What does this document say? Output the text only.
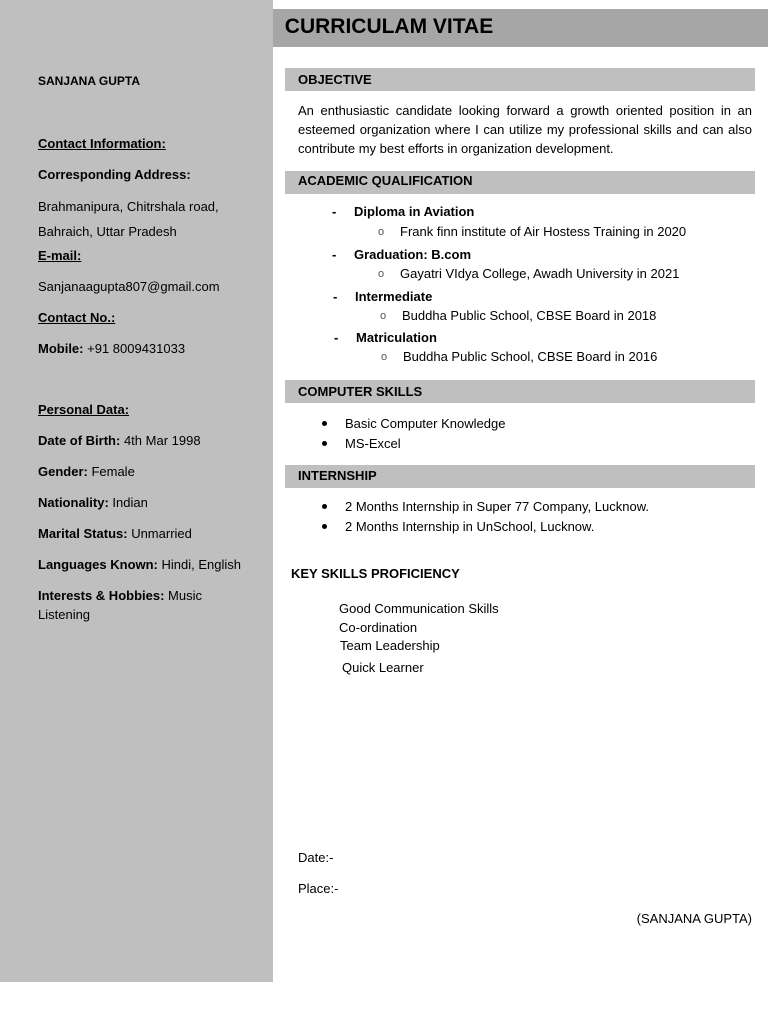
CURRICULAM VITAE
SANJANA GUPTA
Contact Information:
Corresponding Address:
Brahmanipura, Chitrshala road,
Bahraich, Uttar Pradesh
E-mail:
Sanjanaagupta807@gmail.com
Contact No.:
Mobile: +91 8009431033
Personal Data:
Date of Birth: 4th Mar 1998
Gender: Female
Nationality: Indian
Marital Status: Unmarried
Languages Known: Hindi, English
Interests & Hobbies: Music
Listening
OBJECTIVE
An enthusiastic candidate looking forward a growth oriented position in an esteemed organization where I can utilize my professional skills and can also contribute my best efforts in organization development.
ACADEMIC QUALIFICATION
- Diploma in Aviation
o Frank finn institute of Air Hostess Training in 2020
- Graduation: B.com
o Gayatri VIdya College, Awadh University in 2021
- Intermediate
o Buddha Public School, CBSE Board in 2018
- Matriculation
o Buddha Public School, CBSE Board in 2016
COMPUTER SKILLS
Basic Computer Knowledge
MS-Excel
INTERNSHIP
2 Months Internship in Super 77 Company, Lucknow.
2 Months Internship in UnSchool, Lucknow.
KEY SKILLS PROFICIENCY
Good Communication Skills
Co-ordination
Team Leadership
Quick Learner
Date:-
Place:-
(SANJANA GUPTA)
